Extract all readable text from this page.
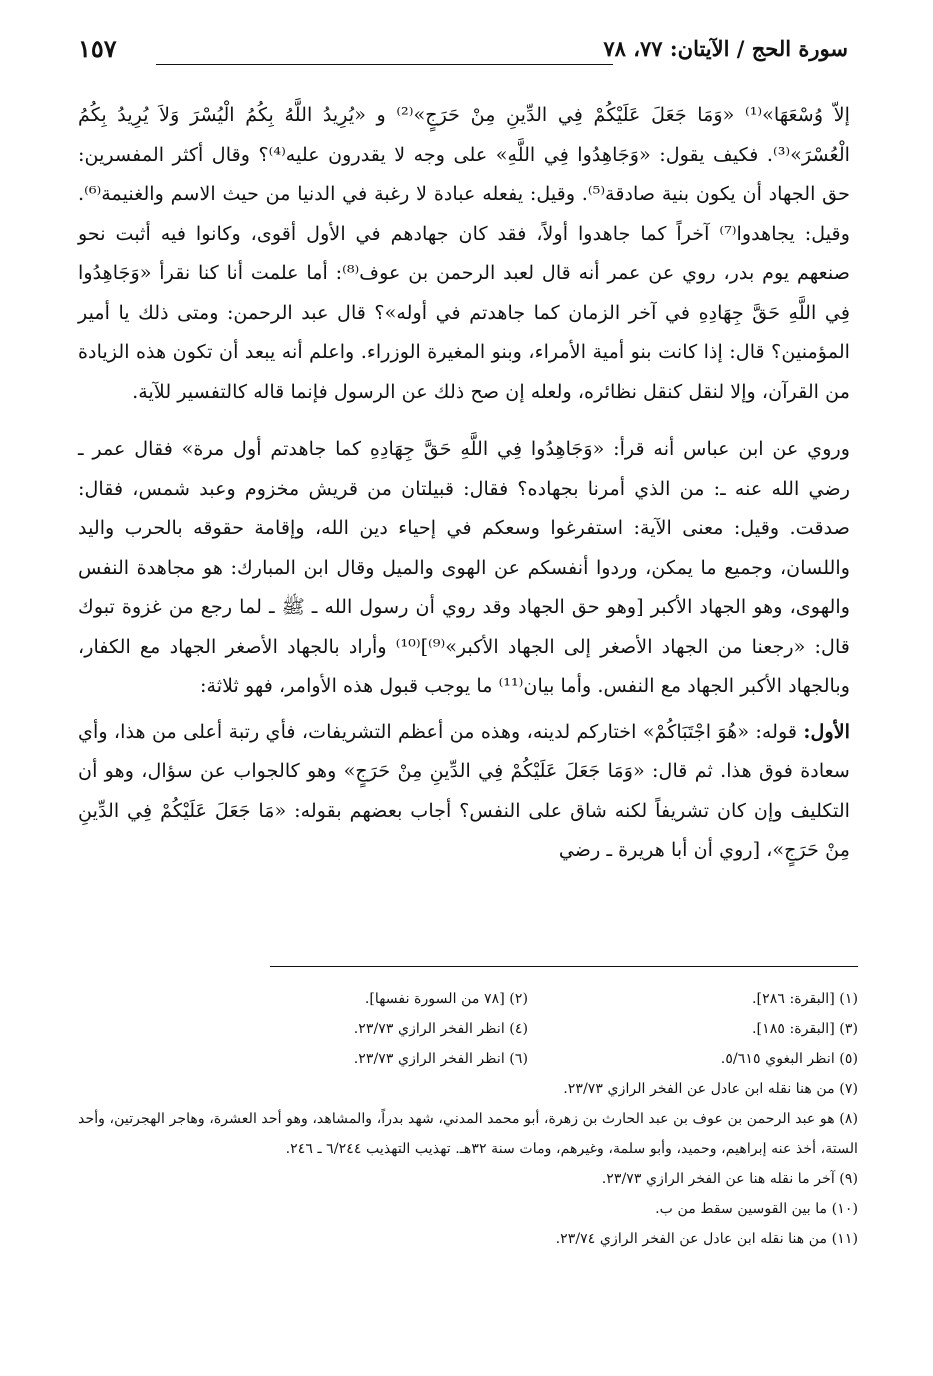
سورة الحج / الآيتان: ٧٧، ٧٨
١٥٧

إلاّ وُسْعَهَا»⁽¹⁾ «وَمَا جَعَلَ عَلَيْكُمْ فِي الدِّينِ مِنْ حَرَجٍ»⁽²⁾ و «يُرِيدُ اللَّهُ بِكُمُ الْيُسْرَ وَلاَ يُرِيدُ بِكُمُ الْعُسْرَ»⁽³⁾. فكيف يقول: «وَجَاهِدُوا فِي اللَّهِ» على وجه لا يقدرون عليه⁽⁴⁾؟ وقال أكثر المفسرين: حق الجهاد أن يكون بنية صادقة⁽⁵⁾. وقيل: يفعله عبادة لا رغبة في الدنيا من حيث الاسم والغنيمة⁽⁶⁾. وقيل: يجاهدوا⁽⁷⁾ آخراً كما جاهدوا أولاً، فقد كان جهادهم في الأول أقوى، وكانوا فيه أثبت نحو صنعهم يوم بدر، روي عن عمر أنه قال لعبد الرحمن بن عوف⁽⁸⁾: أما علمت أنا كنا نقرأ «وَجَاهِدُوا فِي اللَّهِ حَقَّ جِهَادِهِ في آخر الزمان كما جاهدتم في أوله»؟ قال عبد الرحمن: ومتى ذلك يا أمير المؤمنين؟ قال: إذا كانت بنو أمية الأمراء، وبنو المغيرة الوزراء. واعلم أنه يبعد أن تكون هذه الزيادة من القرآن، وإلا لنقل كنقل نظائره، ولعله إن صح ذلك عن الرسول فإنما قاله كالتفسير للآية.

وروي عن ابن عباس أنه قرأ: «وَجَاهِدُوا فِي اللَّهِ حَقَّ جِهَادِهِ كما جاهدتم أول مرة» فقال عمر ـ رضي الله عنه ـ: من الذي أمرنا بجهاده؟ فقال: قبيلتان من قريش مخزوم وعبد شمس، فقال: صدقت. وقيل: معنى الآية: استفرغوا وسعكم في إحياء دين الله، وإقامة حقوقه بالحرب واليد واللسان، وجميع ما يمكن، وردوا أنفسكم عن الهوى والميل وقال ابن المبارك: هو مجاهدة النفس والهوى، وهو الجهاد الأكبر [وهو حق الجهاد وقد روي أن رسول الله ـ ﷺ ـ لما رجع من غزوة تبوك قال: «رجعنا من الجهاد الأصغر إلى الجهاد الأكبر»⁽⁹⁾]⁽¹⁰⁾ وأراد بالجهاد الأصغر الجهاد مع الكفار، وبالجهاد الأكبر الجهاد مع النفس. وأما بيان⁽¹¹⁾ ما يوجب قبول هذه الأوامر، فهو ثلاثة:

الأول: قوله: «هُوَ اجْتَبَاكُمْ» اختاركم لدينه، وهذه من أعظم التشريفات، فأي رتبة أعلى من هذا، وأي سعادة فوق هذا. ثم قال: «وَمَا جَعَلَ عَلَيْكُمْ فِي الدِّينِ مِنْ حَرَجٍ» وهو كالجواب عن سؤال، وهو أن التكليف وإن كان تشريفاً لكنه شاق على النفس؟ أجاب بعضهم بقوله: «مَا جَعَلَ عَلَيْكُمْ فِي الدِّينِ مِنْ حَرَجٍ»، [روي أن أبا هريرة ـ رضي

(١) [البقرة: ٢٨٦].
(٢) [٧٨ من السورة نفسها].
(٣) [البقرة: ١٨٥].
(٤) انظر الفخر الرازي ٢٣/٧٣.
(٥) انظر البغوي ٥/٦١٥.
(٦) انظر الفخر الرازي ٢٣/٧٣.

(٧) من هنا نقله ابن عادل عن الفخر الرازي ٢٣/٧٣.

(٨) هو عبد الرحمن بن عوف بن عبد الحارث بن زهرة، أبو محمد المدني، شهد بدراً، والمشاهد، وهو أحد العشرة، وهاجر الهجرتين، وأحد الستة، أخذ عنه إبراهيم، وحميد، وأبو سلمة، وغيرهم، ومات سنة ٣٢هـ. تهذيب التهذيب ٦/٢٤٤ ـ ٢٤٦.

(٩) آخر ما نقله هنا عن الفخر الرازي ٢٣/٧٣.

(١٠) ما بين القوسين سقط من ب.

(١١) من هنا نقله ابن عادل عن الفخر الرازي ٢٣/٧٤.
